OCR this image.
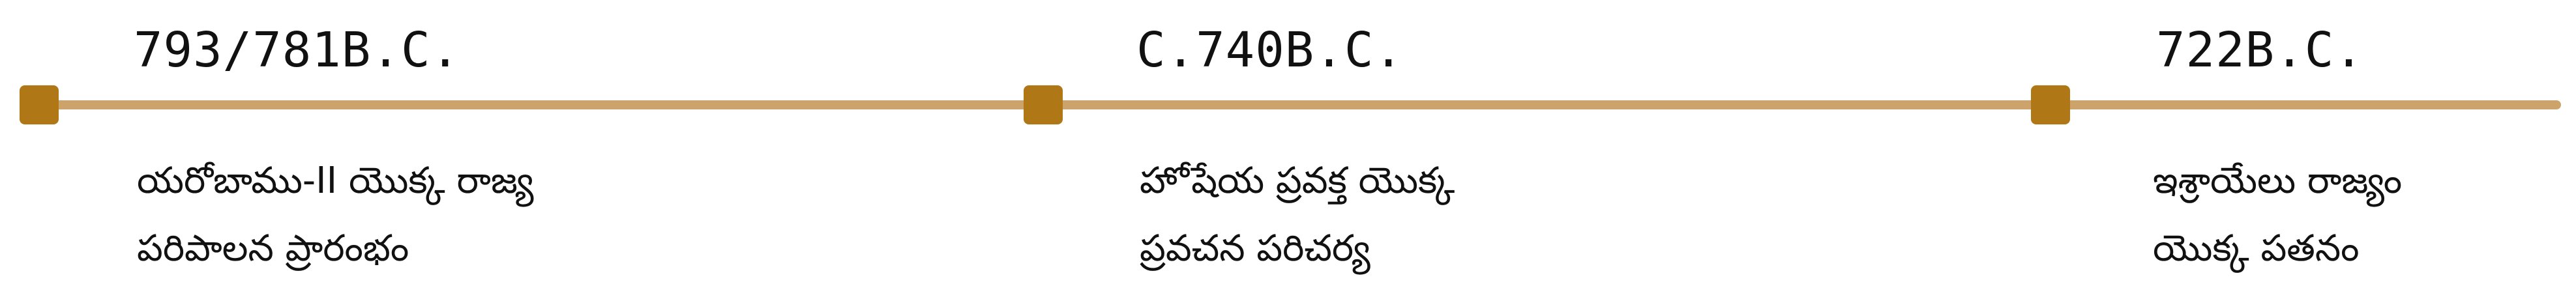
793/781B.C.
యరోబాము-II యొక్క రాజ్య
పరిపాలన ప్రారంభం
C.740B.C.
హోషేయ ప్రవక్త యొక్క
ప్రవచన పరిచర్య
722B.C.
ఇశ్రాయేలు రాజ్యం
యొక్క పతనం
